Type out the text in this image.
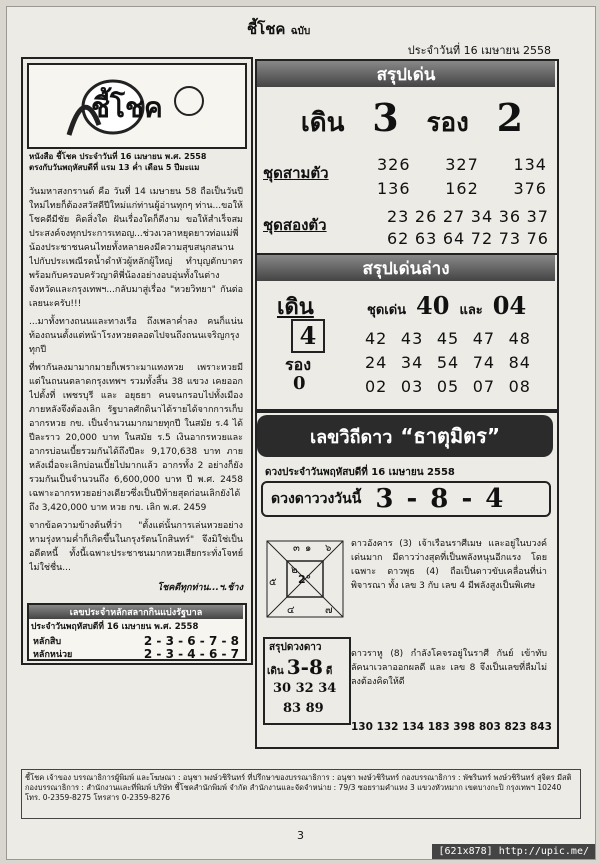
ชี้โชค ฉบับ
ประจำวันที่ 16 เมษายน 2558
ชี้โชค
หนังสือ ชี้โชค ประจำวันที่ 16 เมษายน พ.ศ. 2558
ตรงกับวันพฤหัสบดีที่ แรม 13 ค่ำ เดือน 5 ปีมะแม

วันมหาสงกรานต์ คือ วันที่ 14 เมษายน 58 ถือเป็นวันปีใหม่ไทยก็ต้องสวัสดีปีใหม่แก่ท่านผู้อ่านทุกๆ ท่าน...ขอให้โชคดีมีชัย คิดสิ่งใด ฝันเรื่องใดก็ดีงาม ขอให้สำเร็จสมประสงค์จงทุกประการเทอญ...ช่วงเวลาหยุดยาวท่อแม่พี่น้องประชาชนคนไทยทั้งหลายคงมีความสุขสนุกสนานไปกับประเพณีรดน้ำดำหัวผู้หลักผู้ใหญ่ ทำบุญตักบาตรพร้อมกับครอบครัวญาติพี่น้องอย่างอบอุ่นทั้งในต่างจังหวัดและกรุงเทพฯ...กลับมาสู่เรื่อง "หวยวิทยา" กันต่อเลยนะครับ!!!

...มาทั้งทางถนนและทางเรือ ถึงเพลาค่ำลง คนก็แน่นท้องถนนตั้งแต่หน้าโรงหวยตลอดไปจนถึงถนนเจริญกรุงทุกปี

ที่พากันลงมามากมายก็เพราะมาแทงหวย เพราะหวยมีแต่ในถนนตลาดกรุงเทพฯ รวมทั้งสิ้น 38 แขวง เคยออกไปตั้งที่ เพชรบุรี และ อยุธยา คนจนกรอบไปทั้งเมือง ภายหลังจึงต้องเลิก รัฐบาลศักดินาได้รายได้จากการเก็บอากรหวย กข. เป็นจำนวนมากมายทุกปี ในสมัย ร.4 ได้ปีละราว 20,000 บาท ในสมัย ร.5 เงินอากรหวยและอากรบ่อนเบี้ยรวมกันได้ถึงปีละ 9,170,638 บาท ภายหลังเมื่อจะเลิกบ่อนเบี้ยไปมากแล้ว อากรทั้ง 2 อย่างก็ยังรวมกันเป็นจำนวนถึง 6,600,000 บาท ปี พ.ศ. 2458 เฉพาะอากรหวยอย่างเดียวซึ่งเป็นปีท้ายสุดก่อนเลิกยังได้ถึง 3,420,000 บาท หวย กข. เลิก พ.ศ. 2459

จากข้อความข้างต้นที่ว่า "ตั้งแต่นั้นการเล่นหวยอย่างหามรุ่งหามค่ำก็เกิดขึ้นในกรุงรัตนโกสินทร์" จึงมิใช่เป็นอดีตหนี้ ทั้งนี้เฉพาะประชาชนมากหวยเสียกระทั่งโจทย์ไม่ใช่ชื่น...

โชคดีทุกท่าน...ฯ.ช้าง
เลขประจำหลักสลากกินแบ่งรัฐบาล
ประจำวันพฤหัสบดีที่ 16 เมษายน พ.ศ. 2558
หลักสิบ	2 - 3 - 6 - 7 - 8
หลักหน่วย	2 - 3 - 4 - 6 - 7
สรุปเด่น
เดิน 3 รอง 2
ชุดสามตัว	326 327 134
136 162 376
ชุดสองตัว	23 26 27 34 36 37
62 63 64 72 73 76
สรุปเด่นล่าง
เดิน	ชุดเด่น 40 และ 04
4	42 43 45 47 48
รอง	24 34 54 74 84
0	02 03 05 07 08
เลขวิถีดาว “ธาตุมิตร”
ดวงประจำวันพฤหัสบดีที่ 16 เมษายน 2558
ดวงดาววงวันนี้ 3 - 8 - 4
๓ ๑ ๖
๕
๒
2°
๔	๗
ดาวอังคาร (3) เจ้าเรือนราศีเมษ และอยู่ในบวงค์เด่นมาก มีดาวว่างสุดที่เป็นพลังหนุนอีกแรง โดยเฉพาะ ดาวพุธ (4) ถือเป็นดาวขับเคลื่อนที่น่าพิจารณา ทั้ง เลข 3 กับ เลข 4 มีพลังสูงเป็นพิเศษ
สรุปดวงดาว
เดิน 3-8 ดี
30 32 34
83 89
ดาวราหู (8) กำลังโคจรอยู่ในราศี กันย์ เข้าทับลัคนาเวลาออกผลดี และ เลข 8 จึงเป็นเลขที่ลืมไม่ลงต้องคิดให้ดี
130 132 134 183 398 803 823 843
ชี้โชค เจ้าของ บรรณาธิการผู้พิมพ์ และโฆษณา : อนุชา พงษ์วชิรินทร์ ที่ปรึกษาของบรรณาธิการ : อนุชา พงษ์วชิรินทร์ กองบรรณาธิการ : พัชรินทร์ พงษ์วชิรินทร์ สุจิตร มีสติ กองบรรณาธิการ : สำนักงานและที่พิมพ์ บริษัท ชี้โชคสำนักพิมพ์ จำกัด สำนักงานและจัดจำหน่าย : 79/3 ซอยรามคำแหง 3 แขวงหัวหมาก เขตบางกะปิ กรุงเทพฯ 10240 โทร. 0-2359-8275 โทรสาร 0-2359-8276
3
[621x878] http://upic.me/
